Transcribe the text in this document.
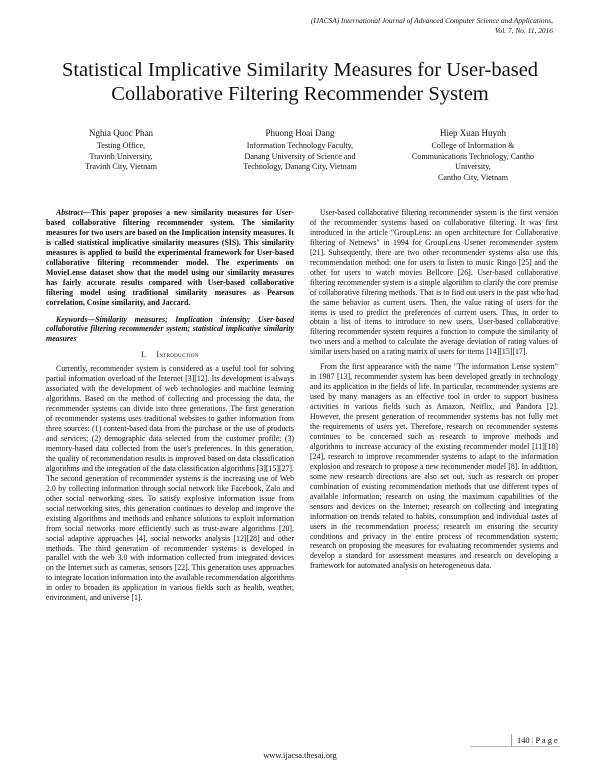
(IJACSA) International Journal of Advanced Computer Science and Applications,
Vol. 7, No. 11, 2016
Statistical Implicative Similarity Measures for User-based Collaborative Filtering Recommender System
Nghia Quoc Phan
Testing Office,
Travinh University,
Travinh City, Vietnam
Phuong Hoai Dang
Information Technology Faculty,
Danang University of Science and
Technology, Danang City, Vietnam
Hiep Xuan Huynh
College of Information &
Communications Technology, Cantho
University,
Cantho City, Vietnam

Abstract—This paper proposes a new similarity measures for User-based collaborative filtering recommender system. The similarity measures for two users are based on the Implication intensity measures. It is called statistical implicative similarity measures (SIS). This similarity measures is applied to build the experimental framework for User-based collaborative filtering recommender model. The experiments on MovieLense dataset show that the model using our similarity measures has fairly accurate results compared with User-based collaborative filtering model using traditional similarity measures as Pearson correlation, Cosine similarity, and Jaccard.

Keywords—Similarity measures; Implication intensity; User-based collaborative filtering recommender system; statistical implicative similarity measures

I. Introduction

Currently, recommender system is considered as a useful tool for solving partial information overload of the Internet [3][12]. Its development is always associated with the development of web technologies and machine learning algorithms. Based on the method of collecting and processing the data, the recommender systems can divide into three generations. The first generation of recommender systems uses traditional websites to gather information from three sources: (1) content-based data from the purchase or the use of products and services; (2) demographic data selected from the customer profile; (3) memory-based data collected from the user's preferences. In this generation, the quality of recommendation results is improved based on data classification algorithms and the integration of the data classification algorithms [3][15][27]. The second generation of recommender systems is the increasing use of Web 2.0 by collecting information through social network like Facebook, Zalo and other social networking sites. To satisfy explosive information issue from social networking sites, this generation continues to develop and improve the existing algorithms and methods and enhance solutions to exploit information from social networks more efficiently such as trust-aware algorithms [20], social adaptive approaches [4], social networks analysis [12][28] and other methods. The third generation of recommender systems is developed in parallel with the web 3.0 with information collected from integrated devices on the Internet such as cameras, sensors [22]. This generation uses approaches to integrate location information into the available recommendation algorithms in order to broaden its application in various fields such as health, weather, environment, and universe [1].

User-based collaborative filtering recommender system is the first version of the recommender systems based on collaborative filtering. It was first introduced in the article "GroupLens: an open architecture for Collaborative filtering of Netnews" in 1994 for GroupLens Usenet recommender system [21]. Subsequently, there are two other recommender systems also use this recommendation method: one for users to listen to music Ringo [25] and the other for users to watch movies Bellcore [26]. User-based collaborative filtering recommender system is a simple algorithm to clarify the core premise of collaborative filtering methods. That is to find out users in the past who had the same behavior as current users. Then, the value rating of users for the items is used to predict the preferences of current users. Thus, in order to obtain a list of items to introduce to new users, User-based collaborative filtering recommender system requires a function to compute the similarity of two users and a method to calculate the average deviation of rating values of similar users based on a rating matrix of users for items [14][15][17].

From the first appearance with the name "The information Lense system" in 1987 [13], recommender system has been developed greatly in technology and its application in the fields of life. In particular, recommender systems are used by many managers as an effective tool in order to support business activities in various fields such as Amazon, Netflix, and Pandora [2]. However, the present generation of recommender systems has not fully met the requirements of users yet. Therefore, research on recommender systems continues to be concerned such as research to improve methods and algorithms to increase accuracy of the existing recommender model [11][18][24], research to improve recommender systems to adapt to the information explosion and research to propose a new recommender model [8]. In addition, some new research directions are also set out, such as research on proper combination of existing recommendation methods that use different types of available information; research on using the maximum capabilities of the sensors and devices on the Internet; research on collecting and integrating information on trends related to habits, consumption and individual tastes of users in the recommendation process; research on ensuring the security conditions and privacy in the entire process of recommendation system; research on proposing the measures for evaluating recommender systems and develop a standard for assessment measures and research on developing a framework for automated analysis on heterogeneous data.

140 | P a g e
www.ijacsa.thesai.org
